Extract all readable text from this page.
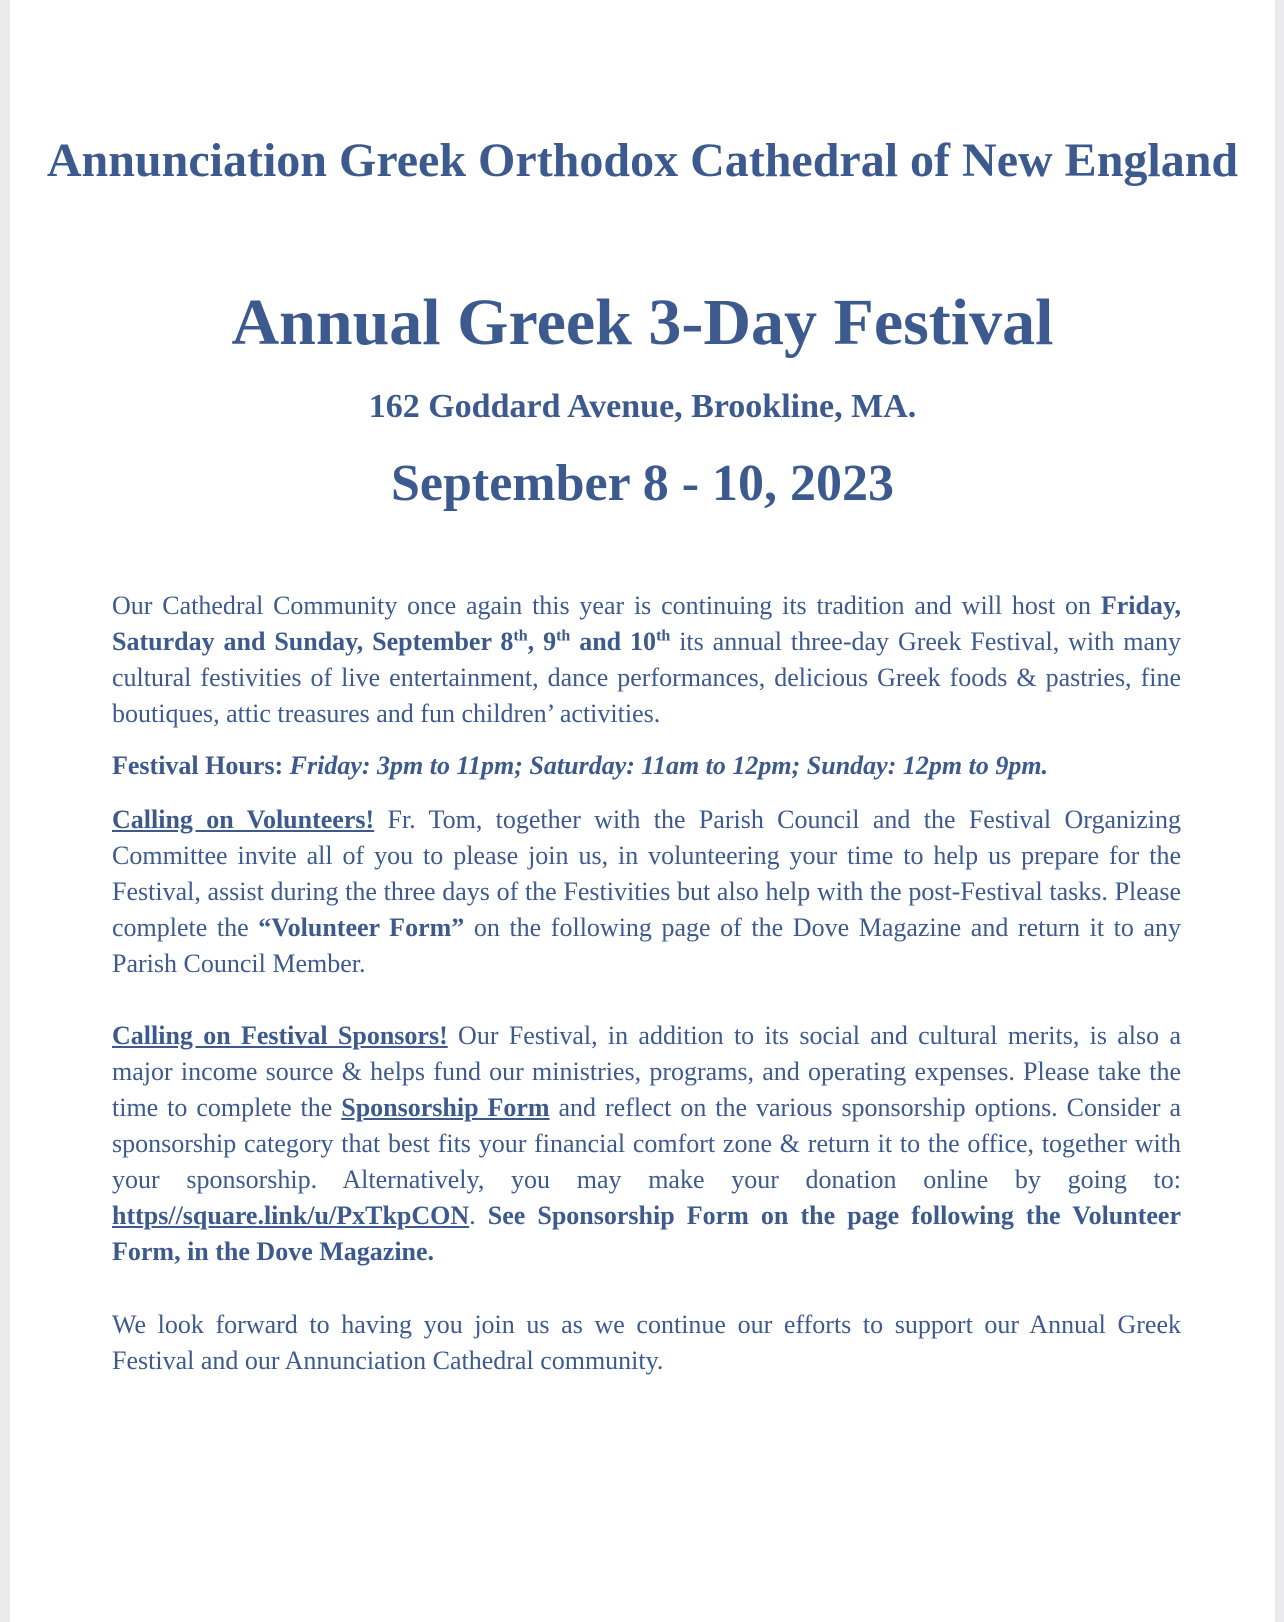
Annunciation Greek Orthodox Cathedral of New England
Annual Greek 3-Day Festival
162 Goddard Avenue, Brookline, MA.
September 8 - 10, 2023

Our Cathedral Community once again this year is continuing its tradition and will host on Friday, Saturday and Sunday, September 8th, 9th and 10th its annual three-day Greek Festival, with many cultural festivities of live entertainment, dance performances, delicious Greek foods & pastries, fine boutiques, attic treasures and fun children’ activities.

Festival Hours: Friday: 3pm to 11pm; Saturday: 11am to 12pm; Sunday: 12pm to 9pm.

Calling on Volunteers! Fr. Tom, together with the Parish Council and the Festival Organizing Committee invite all of you to please join us, in volunteering your time to help us prepare for the Festival, assist during the three days of the Festivities but also help with the post-Festival tasks. Please complete the “Volunteer Form” on the following page of the Dove Magazine and return it to any Parish Council Member.

Calling on Festival Sponsors! Our Festival, in addition to its social and cultural merits, is also a major income source & helps fund our ministries, programs, and operating expenses. Please take the time to complete the Sponsorship Form and reflect on the various sponsorship options. Consider a sponsorship category that best fits your financial comfort zone & return it to the office, together with your sponsorship. Alternatively, you may make your donation online by going to: https//square.link/u/PxTkpCON. See Sponsorship Form on the page following the Volunteer Form, in the Dove Magazine.

We look forward to having you join us as we continue our efforts to support our Annual Greek Festival and our Annunciation Cathedral community.
